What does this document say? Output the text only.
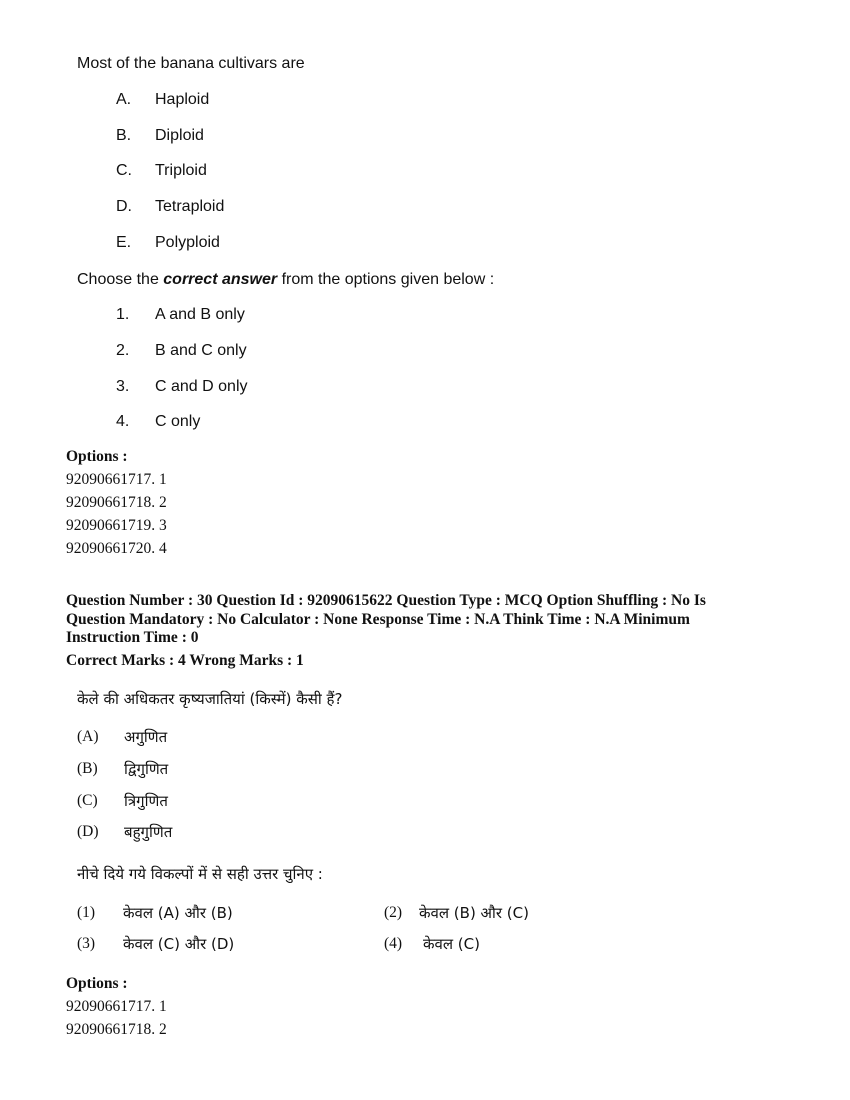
Most of the banana cultivars are
A. Haploid
B. Diploid
C. Triploid
D. Tetraploid
E. Polyploid
Choose the correct answer from the options given below :
1. A and B only
2. B and C only
3. C and D only
4. C only
Options :
92090661717. 1
92090661718. 2
92090661719. 3
92090661720. 4
Question Number : 30 Question Id : 92090615622 Question Type : MCQ Option Shuffling : No Is
Question Mandatory : No Calculator : None Response Time : N.A Think Time : N.A Minimum
Instruction Time : 0
Correct Marks : 4 Wrong Marks : 1
केले की अधिकतर कृष्यजातियां (किस्में) कैसी हैं?
(A) अगुणित
(B) द्विगुणित
(C) त्रिगुणित
(D) बहुगुणित
नीचे दिये गये विकल्पों में से सही उत्तर चुनिए :
(1) केवल (A) और (B)	(2) केवल (B) और (C)
(3) केवल (C) और (D)	(4) केवल (C)
Options :
92090661717. 1
92090661718. 2
